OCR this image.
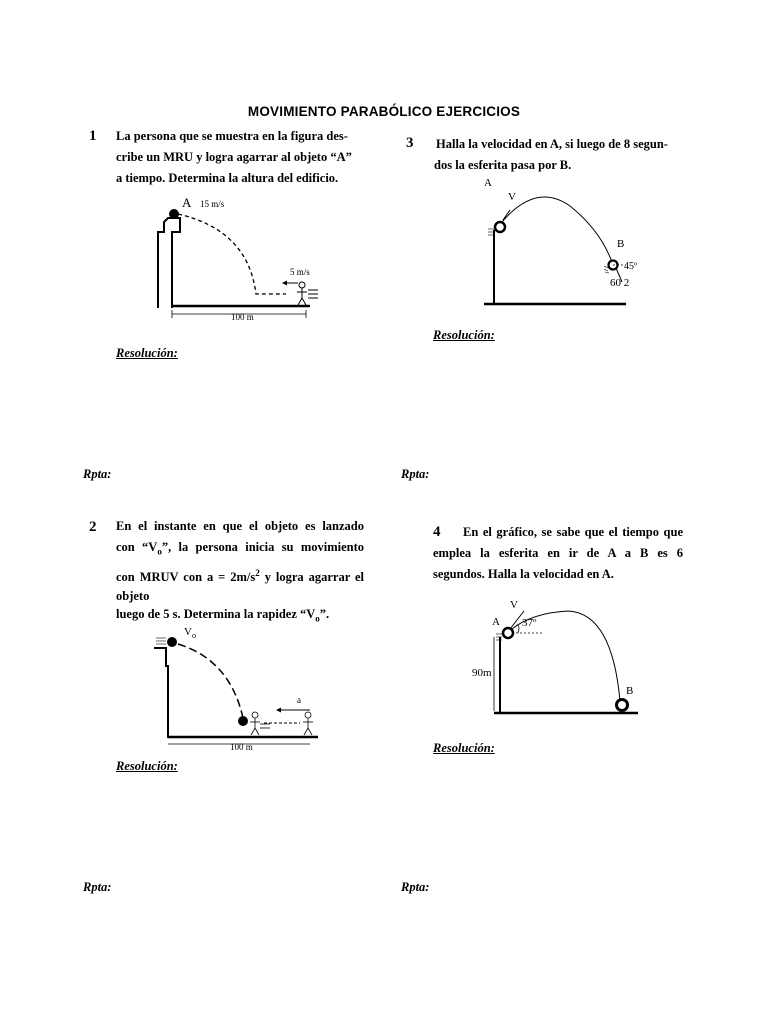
MOVIMIENTO PARABÓLICO EJERCICIOS
1 La persona que se muestra en la figura des-
cribe un MRU y logra agarrar al objeto “A”
a tiempo. Determina la altura del edificio.
A 15 m/s
5 m/s
100 m
Resolución:
Rpta:
3 Halla la velocidad en A, si luego de 8 segun-
dos la esferita pasa por B.
A
V
B
45º
60 2
Resolución:
Rpta:
2 En el instante en que el objeto es lanzado
con “$V_o$”, la persona inicia su movimiento
con MRUV con $a = 2m/s^2$ y logra agarrar el
objeto
luego de 5 s. Determina la rapidez “$V_o$”.
$V_o$
a
100 m
Resolución:
Rpta:
4	En el gráfico, se sabe que el tiempo que
emplea la esferita en ir de A a B es 6
segundos. Halla la velocidad en A.
V
A 37º
90m
B
Resolución:
Rpta:
